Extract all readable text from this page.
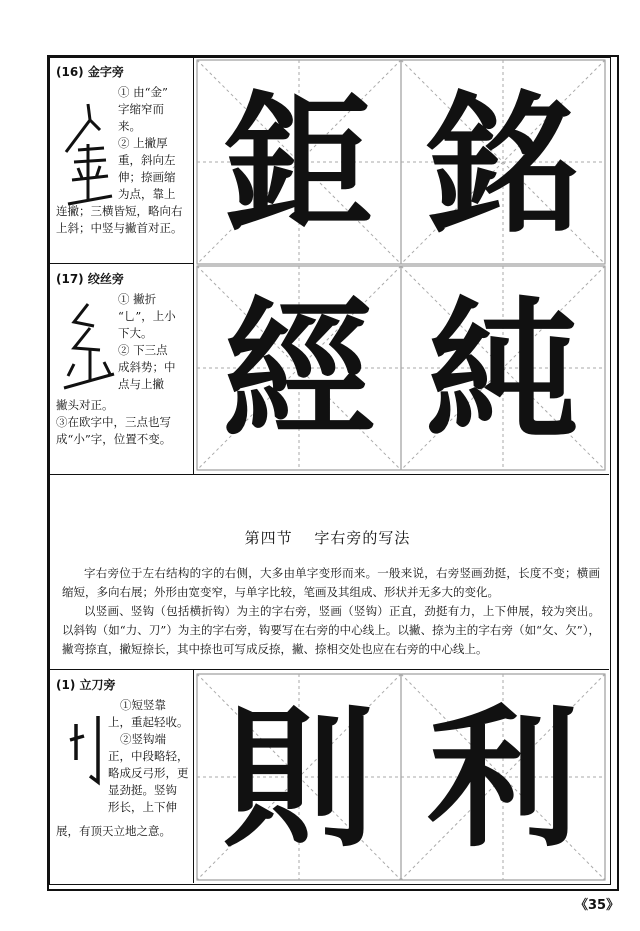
(16) 金字旁
① 由“金”
字缩窄而
来。
② 上撇厚
重，斜向左
伸；捺画缩
为点，靠上
连撇；三横皆短，略向右
上斜；中竖与撇首对正。
(17) 绞丝旁
① 撇折
“乚”，上小
下大。
② 下三点
成斜势；中
点与上撇
撇头对正。
③在欧字中，三点也写
成“小”字，位置不变。
鉅 銘
經 純
第四节　 字右旁的写法
字右旁位于左右结构的字的右侧，大多由单字变形而来。一般来说，右旁竖画劲挺，长度不变；横画缩短，多向右展；外形由宽变窄，与单字比较，笔画及其组成、形状并无多大的变化。
以竖画、竖钩（包括横折钩）为主的字右旁，竖画（竖钩）正直，劲挺有力，上下伸展，较为突出。以斜钩（如“力、刀”）为主的字右旁，钩要写在右旁的中心线上。以撇、捺为主的字右旁（如“攵、欠”），撇弯捺直，撇短捺长，其中捺也可写成反捺，撇、捺相交处也应在右旁的中心线上。
(1) 立刀旁
①短竖靠
上，重起轻收。
②竖钩端
正，中段略轻，
略成反弓形，更
显劲挺。竖钩
形长，上下伸
展，有顶天立地之意。 則 利
《35》
